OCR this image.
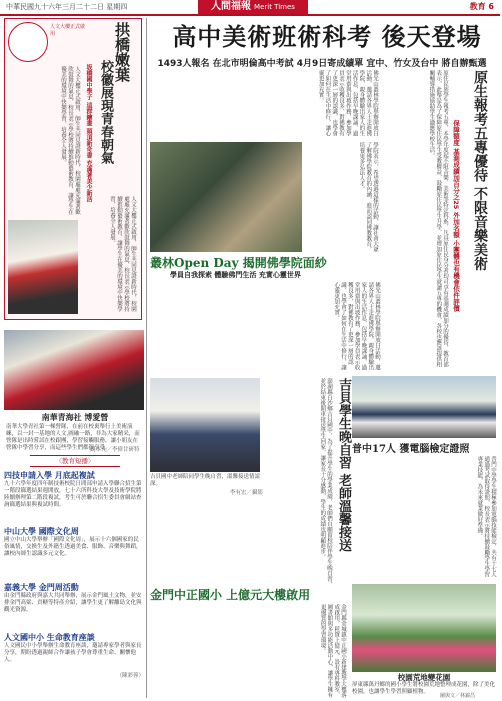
中華民國九十六年三月二十二日 星期四	人間福報 Merit Times	教育 6
高中美術班術科考 後天登場
1493人報名 在北市明倫高中考試 4月9日寄成績單 宜中、竹女及台中 將自辦甄選
人文大樓正式啟用	拱橋嫩葉
校徽展現青春朝氣
坂橋國中學子 這群繪畫 頭頂新奇書 充滿著美少新活
人文大樓正式啟用，師生共同見證新時代，校園處處充滿著歡欣鼓舞的氣息，校長表示學校將持續推動藝術教育，讓學生在優美的環境中快樂學習，培養全人發展。
人文大樓正式啟用，師生共同見證新時代，校園處處充滿著歡欣鼓舞的氣息，校長表示學校將持續推動藝術教育，讓學生在優美的環境中快樂學習，培養全人發展。
南華青海社 博愛營
南華大學青社第一梯營隊，在前在校裏舉行上美術演練，以一封一基地的人文,圓融一路，非為大家精采，而營隊是出時嘗試在校跟團，學習接觸服務，讓小朋友在營隊中學習分享，而這些學生們都很享受。
觀本九／李偉甘研特
〈教育短播〉
四技申請入學 月底起複試
九十六學年度四年制技術校院日間部申請入學聯合招生第一階段篩選結果週開放，七十六所科技大學及技術學院將陸續辦理第二階段複試，考生可於聯合招生委員會網站查詢篩選結果與複試時間。
中山大學 國際文化周
國立中山大學舉辦「國際文化周」，展示十六個國家的民俗風情，交換生及外籍生透過美食、服飾、音樂與舞蹈，讓校內師生認識多元文化。
嘉義大學 金門周活動
由金門縣政府與嘉大共同舉辦，展示金門風土文物，並安排金門高粱、貢糖等特產介紹，讓學生更了解離島文化與觀光資源。
人文國中小 生命教育座談
人文國民中小學舉辦生命教育座談，邀請專家學者與家長分享，期盼透過親師合作讓孩子學會尊重生命、關懷他人。
（陳彩蓉）
佛光山叢林學院舉辦開放日活動，邀請各界人士走進佛學院，親身體驗出家人的生活作息，包括早晚課誦、過堂用齋與出坡作務，參加學員表示收穫良多，對佛教有了更深一層的認識，也學會了如何在生活中修行，讓心靈更加充實。	原生報考五專優待 不限音樂美術
保障額度 基測成績加百分之25 外加名額 小團體也有機會依件評價
原住民族學生報考五專，本學年度起不限音樂、美術等特定科系，凡具原住民身分者均可享有基測成績加分的優待，教育部表示，此舉是為了保障原住民學生受教權益，鼓勵原住民學生升學，並增加原住民學生就讀五專的機會，各校也應該提供相關輔導措施協助學生適應學校生活。
學院表示，希望透過這樣的活動，讓社會大眾了解佛學院教育的內涵，進而認同佛教教育，培養更多弘法人才。
叢林Open Day 揭開佛學院面紗
學員自我探索 體驗佛門生活 充實心靈世界
佛光山叢林學院舉辦開放日活動，邀請各界人士走進佛學院，親身體驗出家人的生活作息，包括早晚課誦、過堂用齋與出坡作務，參加學員表示收穫良多，對佛教有了更深一層的認識，也學會了如何在生活中修行，讓心靈更加充實。
吉貝國中老師陪同學生晚自習，溫馨接送情誼深。
李有宏／攝影	吉貝學生晚自習 老師溫馨接送
澎湖縣白沙鄉吉貝國中，為了提升學生的學業成績，老師們自願留校陪伴學生晚自習，並於結束後開車接送學生回家，讓家長十分感動，學生的成績也明顯進步。	普中17人 獲電腦檢定證照
普門中學學生積極參加電腦技能檢定，共有十七人通過考試取得證照，校長表示將持續鼓勵學生學習專業技能，為未來就業做好準備。
金門中正國小 上億元大樓啟用
金門縣金城鎮中正國小新建教學大樓落成啟用，耗資上億元，設有專科教室、圖書館與多功能活動中心，讓學生擁有更優質的學習環境。
校園荒地變花園
屏東縣萬丹鄉的國小學生將校園荒地整理成花園，除了美化校園，也讓學生學習照顧植物。
圖與文／林錦昌
